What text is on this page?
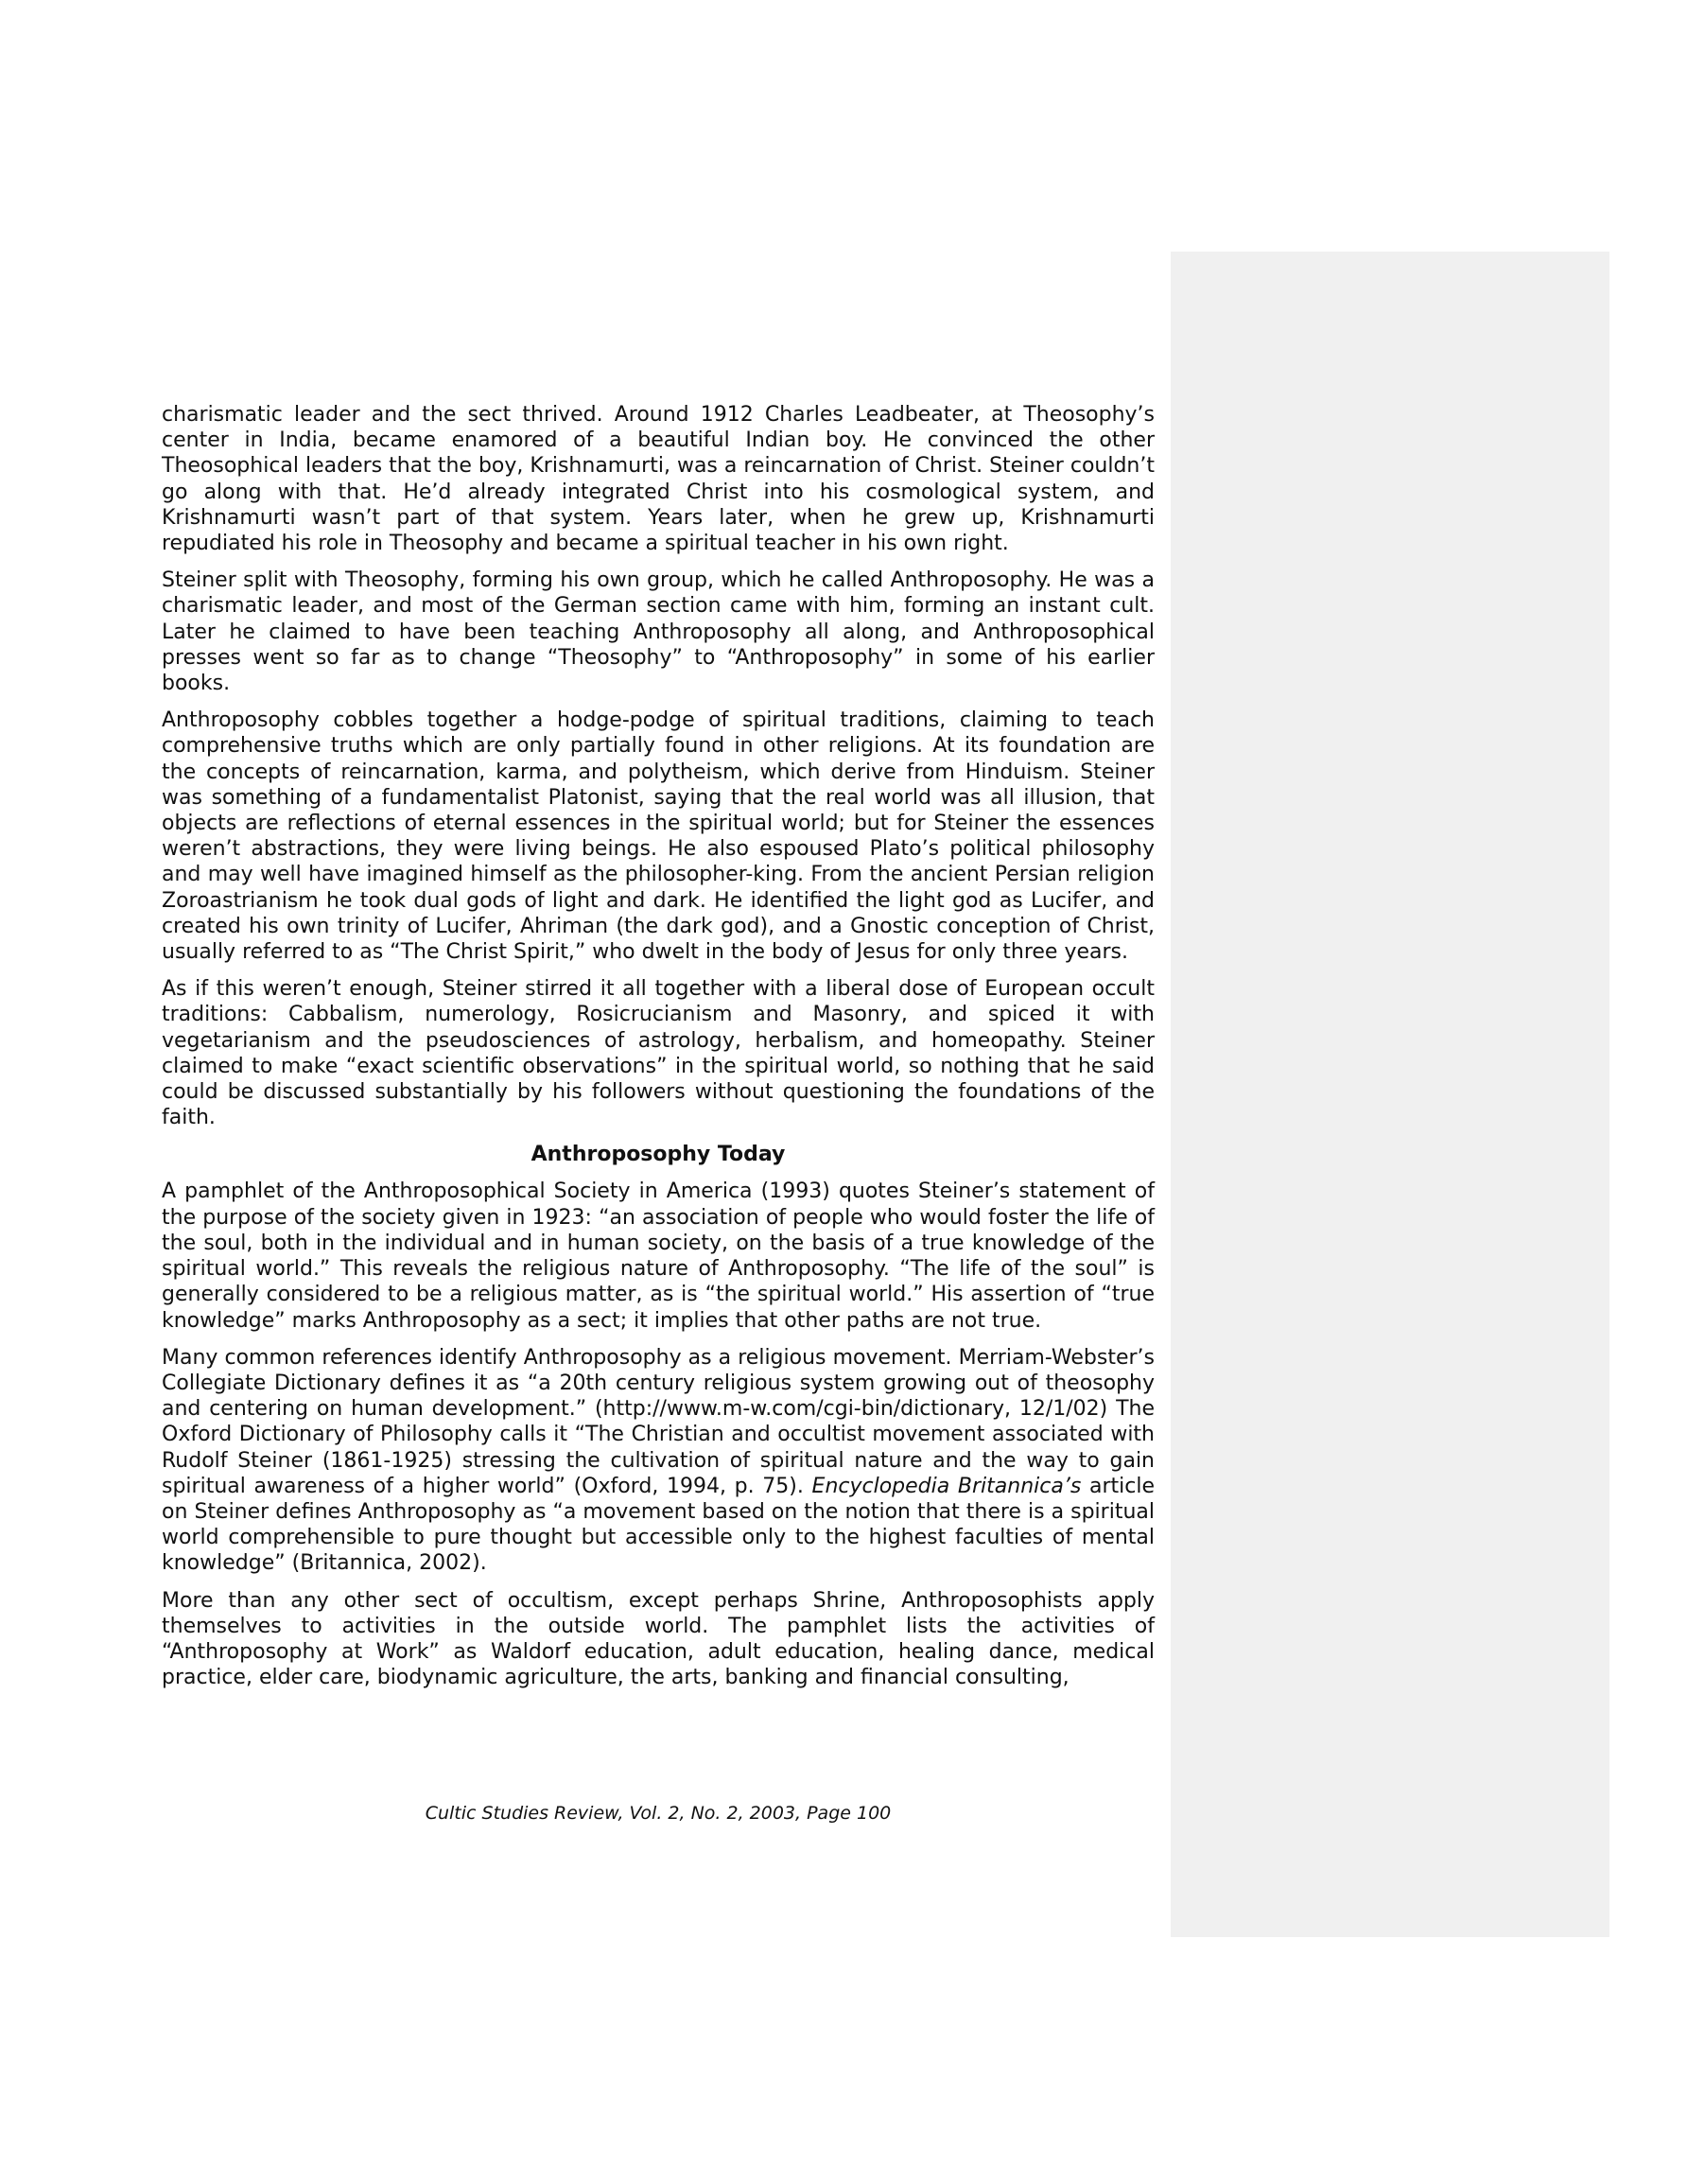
charismatic leader and the sect thrived. Around 1912 Charles Leadbeater, at Theosophy’s center in India, became enamored of a beautiful Indian boy. He convinced the other Theosophical leaders that the boy, Krishnamurti, was a reincarnation of Christ. Steiner couldn’t go along with that. He’d already integrated Christ into his cosmological system, and Krishnamurti wasn’t part of that system. Years later, when he grew up, Krishnamurti repudiated his role in Theosophy and became a spiritual teacher in his own right.

Steiner split with Theosophy, forming his own group, which he called Anthroposophy. He was a charismatic leader, and most of the German section came with him, forming an instant cult. Later he claimed to have been teaching Anthroposophy all along, and Anthroposophical presses went so far as to change “Theosophy” to “Anthroposophy” in some of his earlier books.

Anthroposophy cobbles together a hodge-podge of spiritual traditions, claiming to teach comprehensive truths which are only partially found in other religions. At its foundation are the concepts of reincarnation, karma, and polytheism, which derive from Hinduism. Steiner was something of a fundamentalist Platonist, saying that the real world was all illusion, that objects are reflections of eternal essences in the spiritual world; but for Steiner the essences weren’t abstractions, they were living beings. He also espoused Plato’s political philosophy and may well have imagined himself as the philosopher-king. From the ancient Persian religion Zoroastrianism he took dual gods of light and dark. He identified the light god as Lucifer, and created his own trinity of Lucifer, Ahriman (the dark god), and a Gnostic conception of Christ, usually referred to as “The Christ Spirit,” who dwelt in the body of Jesus for only three years.

As if this weren’t enough, Steiner stirred it all together with a liberal dose of European occult traditions: Cabbalism, numerology, Rosicrucianism and Masonry, and spiced it with vegetarianism and the pseudosciences of astrology, herbalism, and homeopathy. Steiner claimed to make “exact scientific observations” in the spiritual world, so nothing that he said could be discussed substantially by his followers without questioning the foundations of the faith.

Anthroposophy Today

A pamphlet of the Anthroposophical Society in America (1993) quotes Steiner’s statement of the purpose of the society given in 1923: “an association of people who would foster the life of the soul, both in the individual and in human society, on the basis of a true knowledge of the spiritual world.” This reveals the religious nature of Anthroposophy. “The life of the soul” is generally considered to be a religious matter, as is “the spiritual world.” His assertion of “true knowledge” marks Anthroposophy as a sect; it implies that other paths are not true.

Many common references identify Anthroposophy as a religious movement. Merriam-Webster’s Collegiate Dictionary defines it as “a 20th century religious system growing out of theosophy and centering on human development.” (http://www.m-w.com/cgi-bin/dictionary, 12/1/02) The Oxford Dictionary of Philosophy calls it “The Christian and occultist movement associated with Rudolf Steiner (1861-1925) stressing the cultivation of spiritual nature and the way to gain spiritual awareness of a higher world” (Oxford, 1994, p. 75). Encyclopedia Britannica’s article on Steiner defines Anthroposophy as “a movement based on the notion that there is a spiritual world comprehensible to pure thought but accessible only to the highest faculties of mental knowledge” (Britannica, 2002).

More than any other sect of occultism, except perhaps Shrine, Anthroposophists apply themselves to activities in the outside world. The pamphlet lists the activities of “Anthroposophy at Work” as Waldorf education, adult education, healing dance, medical practice, elder care, biodynamic agriculture, the arts, banking and financial consulting,

Cultic Studies Review, Vol. 2, No. 2, 2003, Page 100
